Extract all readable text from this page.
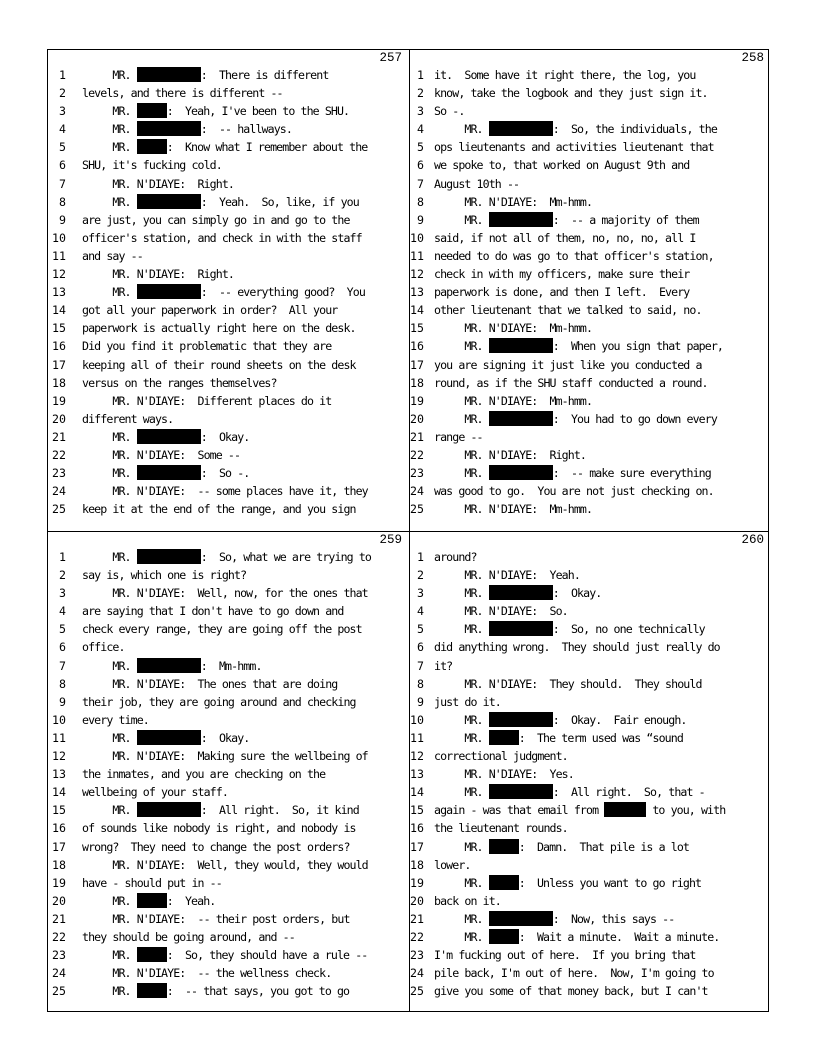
257
1 MR.	:  There is different
2 levels, and there is different --
3 MR.	:  Yeah, I've been to the SHU.
4 MR.	:  -- hallways.
5 MR.	:  Know what I remember about the
6 SHU, it's fucking cold.
7 MR. N'DIAYE:  Right.
8 MR.	:  Yeah.  So, like, if you
9 are just, you can simply go in and go to the
10 officer's station, and check in with the staff
11 and say --
12 MR. N'DIAYE:  Right.
13 MR.	:  -- everything good?  You
14 got all your paperwork in order?  All your
15 paperwork is actually right here on the desk.
16 Did you find it problematic that they are
17 keeping all of their round sheets on the desk
18 versus on the ranges themselves?
19 MR. N'DIAYE:  Different places do it
20 different ways.
21 MR.	:  Okay.
22 MR. N'DIAYE:  Some --
23 MR.	:  So -.
24 MR. N'DIAYE:  -- some places have it, they
25 keep it at the end of the range, and you sign
258
1 it.  Some have it right there, the log, you
2 know, take the logbook and they just sign it.
3 So -.
4 MR.	:  So, the individuals, the
5 ops lieutenants and activities lieutenant that
6 we spoke to, that worked on August 9th and
7 August 10th --
8 MR. N'DIAYE:  Mm-hmm.
9 MR.	:  -- a majority of them
10 said, if not all of them, no, no, no, all I
11 needed to do was go to that officer's station,
12 check in with my officers, make sure their
13 paperwork is done, and then I left.  Every
14 other lieutenant that we talked to said, no.
15 MR. N'DIAYE:  Mm-hmm.
16 MR.	:  When you sign that paper,
17 you are signing it just like you conducted a
18 round, as if the SHU staff conducted a round.
19 MR. N'DIAYE:  Mm-hmm.
20 MR.	:  You had to go down every
21 range --
22 MR. N'DIAYE:  Right.
23 MR.	:  -- make sure everything
24 was good to go.  You are not just checking on.
25 MR. N'DIAYE:  Mm-hmm.
259
1 MR.	:  So, what we are trying to
2 say is, which one is right?
3 MR. N'DIAYE:  Well, now, for the ones that
4 are saying that I don't have to go down and
5 check every range, they are going off the post
6 office.
7 MR.	:  Mm-hmm.
8 MR. N'DIAYE:  The ones that are doing
9 their job, they are going around and checking
10 every time.
11 MR.	:  Okay.
12 MR. N'DIAYE:  Making sure the wellbeing of
13 the inmates, and you are checking on the
14 wellbeing of your staff.
15 MR.	:  All right.  So, it kind
16 of sounds like nobody is right, and nobody is
17 wrong?  They need to change the post orders?
18 MR. N'DIAYE:  Well, they would, they would
19 have - should put in --
20 MR.	:  Yeah.
21 MR. N'DIAYE:  -- their post orders, but
22 they should be going around, and --
23 MR.	:  So, they should have a rule --
24 MR. N'DIAYE:  -- the wellness check.
25 MR.	:  -- that says, you got to go
260
1 around?
2 MR. N'DIAYE:  Yeah.
3 MR.	:  Okay.
4 MR. N'DIAYE:  So.
5 MR.	:  So, no one technically
6 did anything wrong.  They should just really do
7 it?
8 MR. N'DIAYE:  They should.  They should
9 just do it.
10 MR.	:  Okay.  Fair enough.
11 MR.	:  The term used was “sound
12 correctional judgment.
13 MR. N'DIAYE:  Yes.
14 MR.	:  All right.  So, that -
15 again - was that email from	to you, with
16 the lieutenant rounds.
17 MR.	:  Damn.  That pile is a lot
18 lower.
19 MR.	:  Unless you want to go right
20 back on it.
21 MR.	:  Now, this says --
22 MR.	:  Wait a minute.  Wait a minute.
23 I'm fucking out of here.  If you bring that
24 pile back, I'm out of here.  Now, I'm going to
25 give you some of that money back, but I can't
